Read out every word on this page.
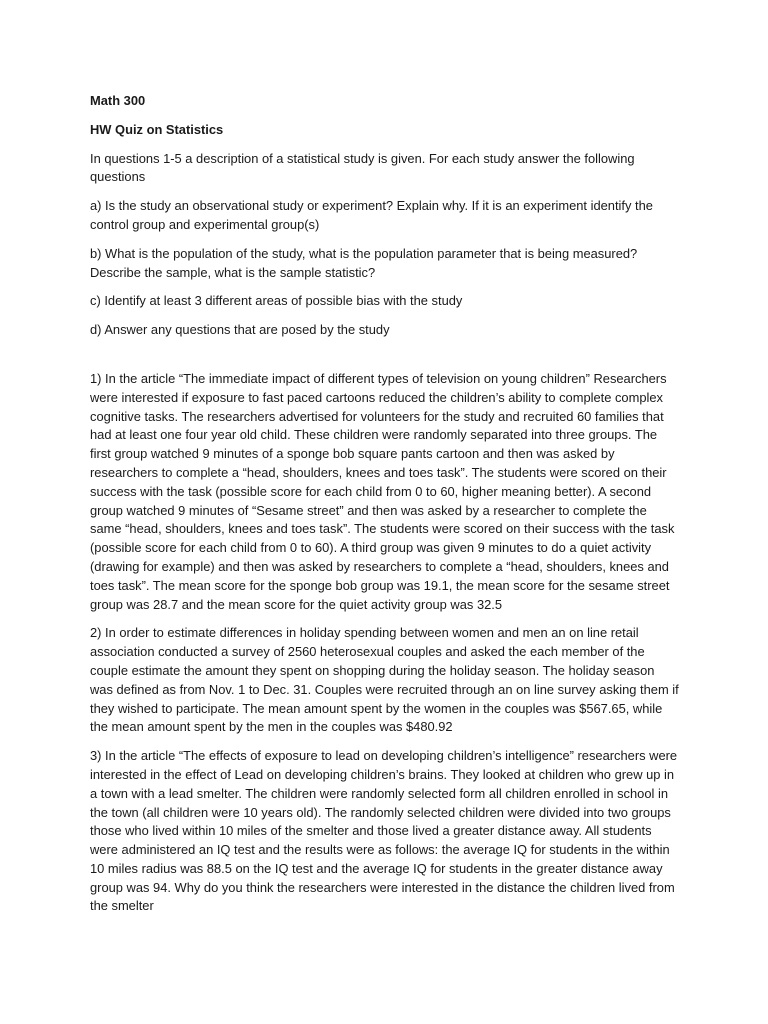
Math 300

HW Quiz on Statistics

In questions 1-5 a description of a statistical study is given. For each study answer the following questions

a) Is the study an observational study or experiment? Explain why. If it is an experiment identify the control group and experimental group(s)

b) What is the population of the study, what is the population parameter that is being measured? Describe the sample, what is the sample statistic?

c) Identify at least 3 different areas of possible bias with the study

d) Answer any questions that are posed by the study

1) In the article “The immediate impact of different types of television on young children” Researchers were interested if exposure to fast paced cartoons reduced the children’s ability to complete complex cognitive tasks. The researchers advertised for volunteers for the study and recruited 60 families that had at least one four year old child. These children were randomly separated into three groups. The first group watched 9 minutes of a sponge bob square pants cartoon and then was asked by researchers to complete a “head, shoulders, knees and toes task”. The students were scored on their success with the task (possible score for each child from 0 to 60, higher meaning better). A second group watched 9 minutes of “Sesame street” and then was asked by a researcher to complete the same “head, shoulders, knees and toes task”. The students were scored on their success with the task (possible score for each child from 0 to 60). A third group was given 9 minutes to do a quiet activity (drawing for example) and then was asked by researchers to complete a “head, shoulders, knees and toes task”. The mean score for the sponge bob group was 19.1, the mean score for the sesame street group was 28.7 and the mean score for the quiet activity group was 32.5

2) In order to estimate differences in holiday spending between women and men an on line retail association conducted a survey of 2560 heterosexual couples and asked the each member of the couple estimate the amount they spent on shopping during the holiday season. The holiday season was defined as from Nov. 1 to Dec. 31. Couples were recruited through an on line survey asking them if they wished to participate. The mean amount spent by the women in the couples was $567.65, while the mean amount spent by the men in the couples was $480.92

3) In the article “The effects of exposure to lead on developing children’s intelligence” researchers were interested in the effect of Lead on developing children’s brains. They looked at children who grew up in a town with a lead smelter. The children were randomly selected form all children enrolled in school in the town (all children were 10 years old). The randomly selected children were divided into two groups those who lived within 10 miles of the smelter and those lived a greater distance away. All students were administered an IQ test and the results were as follows: the average IQ for students in the within 10 miles radius was 88.5 on the IQ test and the average IQ for students in the greater distance away group was 94. Why do you think the researchers were interested in the distance the children lived from the smelter
